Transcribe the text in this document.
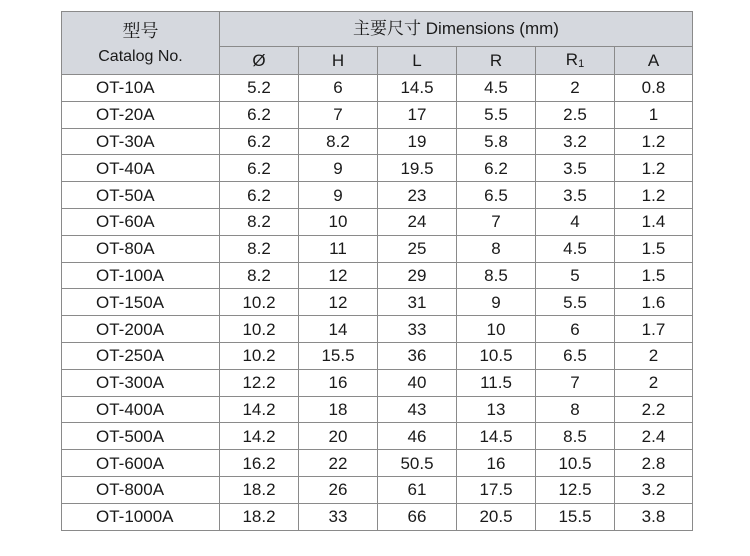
型号
Catalog No.	主要尺寸 Dimensions (mm)					
	Ø	H	L	R	$R_1$	A
OT-10A	5.2	6	14.5	4.5	2	0.8
OT-20A	6.2	7	17	5.5	2.5	1
OT-30A	6.2	8.2	19	5.8	3.2	1.2
OT-40A	6.2	9	19.5	6.2	3.5	1.2
OT-50A	6.2	9	23	6.5	3.5	1.2
OT-60A	8.2	10	24	7	4	1.4
OT-80A	8.2	11	25	8	4.5	1.5
OT-100A	8.2	12	29	8.5	5	1.5
OT-150A	10.2	12	31	9	5.5	1.6
OT-200A	10.2	14	33	10	6	1.7
OT-250A	10.2	15.5	36	10.5	6.5	2
OT-300A	12.2	16	40	11.5	7	2
OT-400A	14.2	18	43	13	8	2.2
OT-500A	14.2	20	46	14.5	8.5	2.4
OT-600A	16.2	22	50.5	16	10.5	2.8
OT-800A	18.2	26	61	17.5	12.5	3.2
OT-1000A	18.2	33	66	20.5	15.5	3.8
